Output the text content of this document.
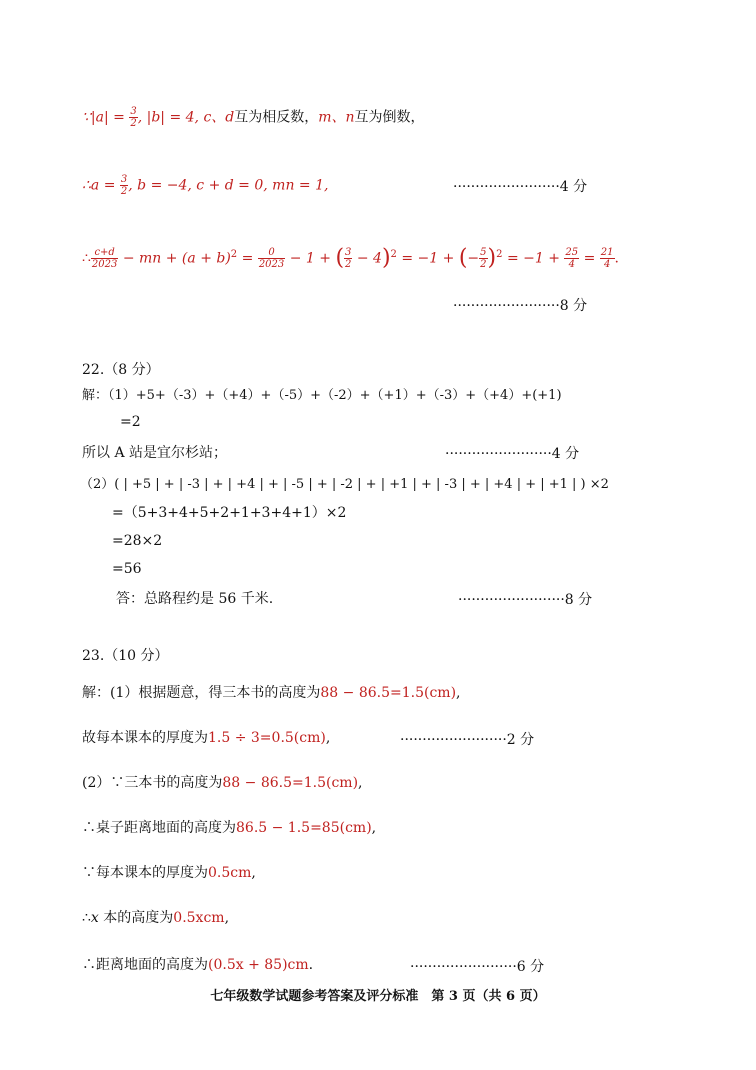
∵|a| = $\frac{3}{2}$ , |b| = 4, c、d互为相反数，m、n互为倒数，
∴a = $\frac{3}{2}$ , b = −4, c + d = 0, mn = 1,	························4 分
∴ $\frac{c+d}{2023}$ − mn + $(a + b)^2 = \frac{0}{2023} - 1$ + ( $\frac{3}{2} - 4)^2 = -1$ + (− $\frac{5}{2} )^2 = -1 + \frac{25}{4} = \frac{21}{4}$ .
························8 分
22.（8 分）
解：（1）+5+（-3）+（+4）+（-5）+（-2）+（+1）+（-3）+（+4）+(+1)
=2
所以 A 站是宜尔杉站；	························4 分
（2）( | +5 | + | -3 | + | +4 | + | -5 | + | -2 | + | +1 | + | -3 | + | +4 | + | +1 | ) ×2
=（5+3+4+5+2+1+3+4+1）×2
=28×2
=56
答：总路程约是 56 千米.	························8 分
23.（10 分）
解：(1）根据题意，得三本书的高度为88 − 86.5=1.5(cm),
故每本课本的厚度为1.5 ÷ 3=0.5(cm),	························2 分
(2）∵三本书的高度为88 − 86.5=1.5(cm),
∴桌子距离地面的高度为86.5 − 1.5=85(cm),
∵每本课本的厚度为0.5cm,
∴x 本的高度为0.5xcm,
∴距离地面的高度为(0.5x + 85)cm.	························6 分
七年级数学试题参考答案及评分标准　第 3 页（共 6 页）
